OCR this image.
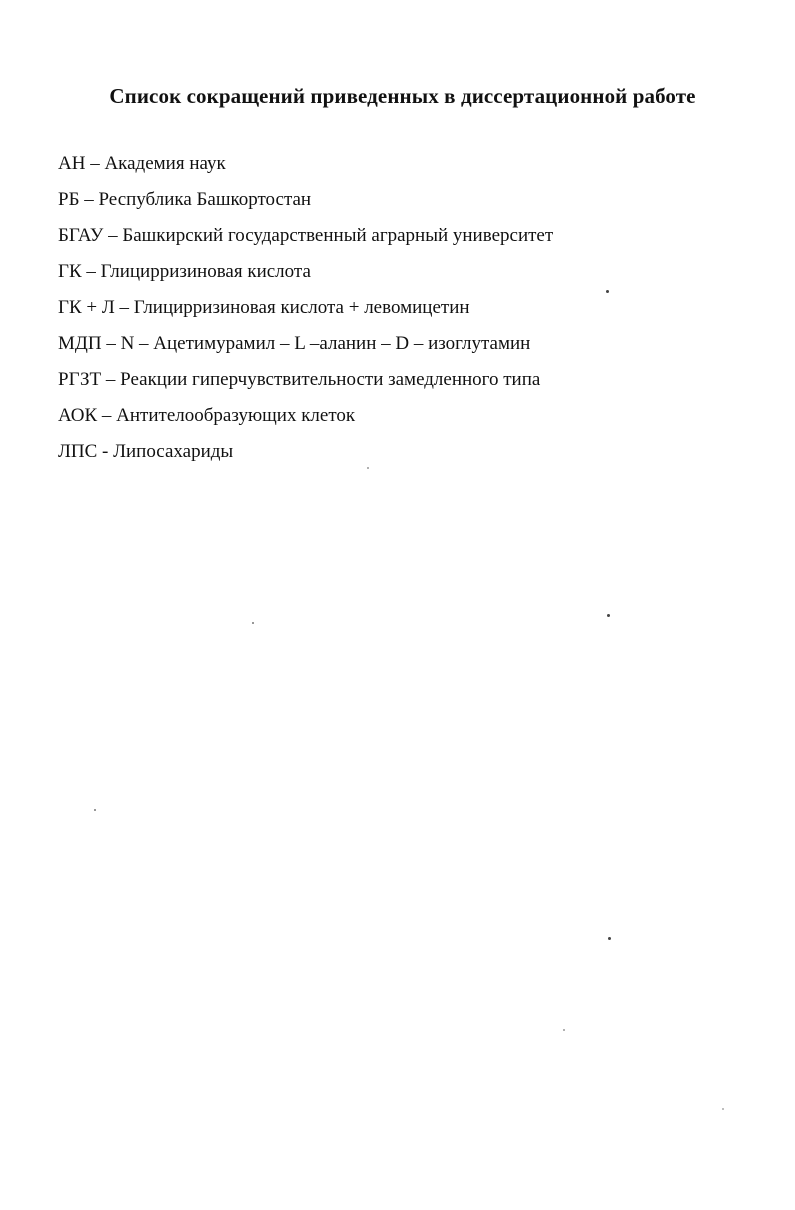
Список сокращений приведенных в диссертационной работе
АН – Академия наук
РБ – Республика Башкортостан
БГАУ – Башкирский государственный аграрный университет
ГК – Глицирризиновая кислота
ГК + Л – Глицирризиновая кислота + левомицетин
МДП – N – Ацетимурамил – L –аланин – D – изоглутамин
РГЗТ – Реакции гиперчувствительности замедленного типа
АОК – Антителообразующих клеток
ЛПС - Липосахариды
